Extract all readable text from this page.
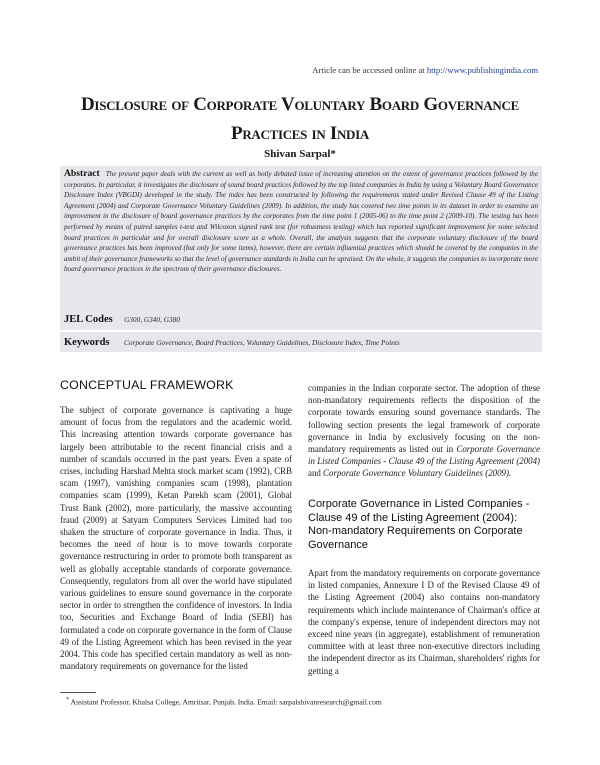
Article can be accessed online at http://www.publishingindia.com
Disclosure of Corporate Voluntary Board Governance
Practices in India
Shivan Sarpal*
Abstract The present paper deals with the current as well as hotly debated issue of increasing attention on the extent of governance practices followed by the corporates. In particular, it investigates the disclosure of sound board practices followed by the top listed companies in India by using a Voluntary Board Governance Disclosure Index (VBGDI) developed in the study. The index has been constructed by following the requirements stated under Revised Clause 49 of the Listing Agreement (2004) and Corporate Governance Voluntary Guidelines (2009). In addition, the study has covered two time points in its dataset in order to examine an improvement in the disclosure of board governance practices by the corporates from the time point 1 (2005-06) to the time point 2 (2009-10). The testing has been performed by means of paired samples t-test and Wilcoxon signed rank test (for robustness testing) which has reported significant improvement for some selected board practices in particular and for overall disclosure score as a whole. Overall, the analysis suggests that the corporate voluntary disclosure of the board governance practices has been improved (but only for some items), however, there are certain influential practices which should be covered by the companies in the ambit of their governance frameworks so that the level of governance standards in India can be upraised. On the whole, it suggests the companies to incorporate more board governance practices in the spectrum of their governance disclosures.
JEL Codes	G300, G340, G380
Keywords	Corporate Governance, Board Practices, Voluntary Guidelines, Disclosure Index, Time Points
CONCEPTUAL FRAMEWORK

The subject of corporate governance is captivating a huge amount of focus from the regulators and the academic world. This increasing attention towards corporate governance has largely been attributable to the recent financial crisis and a number of scandals occurred in the past years. Even a spate of crises, including Harshad Mehta stock market scam (1992), CRB scam (1997), vanishing companies scam (1998), plantation companies scam (1999), Ketan Parekh scam (2001), Global Trust Bank (2002), more particularly, the massive accounting fraud (2009) at Satyam Computers Services Limited had too shaken the structure of corporate governance in India. Thus, it becomes the need of hour is to move towards corporate governance restructuring in order to promote both transparent as well as globally acceptable standards of corporate governance. Consequently, regulators from all over the world have stipulated various guidelines to ensure sound governance in the corporate sector in order to strengthen the confidence of investors. In India too, Securities and Exchange Board of India (SEBI) has formulated a code on corporate governance in the form of Clause 49 of the Listing Agreement which has been revised in the year 2004. This code has specified certain mandatory as well as non-mandatory requirements on governance for the listed

companies in the Indian corporate sector. The adoption of these non-mandatory requirements reflects the disposition of the corporate towards ensuring sound governance standards. The following section presents the legal framework of corporate governance in India by exclusively focusing on the non-mandatory requirements as listed out in Corporate Governance in Listed Companies - Clause 49 of the Listing Agreement (2004) and Corporate Governance Voluntary Guidelines (2009).

Corporate Governance in Listed Companies - Clause 49 of the Listing Agreement (2004): Non-mandatory Requirements on Corporate Governance

Apart from the mandatory requirements on corporate governance in listed companies, Annexure I D of the Revised Clause 49 of the Listing Agreement (2004) also contains non-mandatory requirements which include maintenance of Chairman's office at the company's expense, tenure of independent directors may not exceed nine years (in aggregate), establishment of remuneration committee with at least three non-executive directors including the independent director as its Chairman, shareholders' rights for getting a

* Assistant Professor, Khalsa College, Amritsar, Punjab, India. Email: sarpalshivanresearch@gmail.com
